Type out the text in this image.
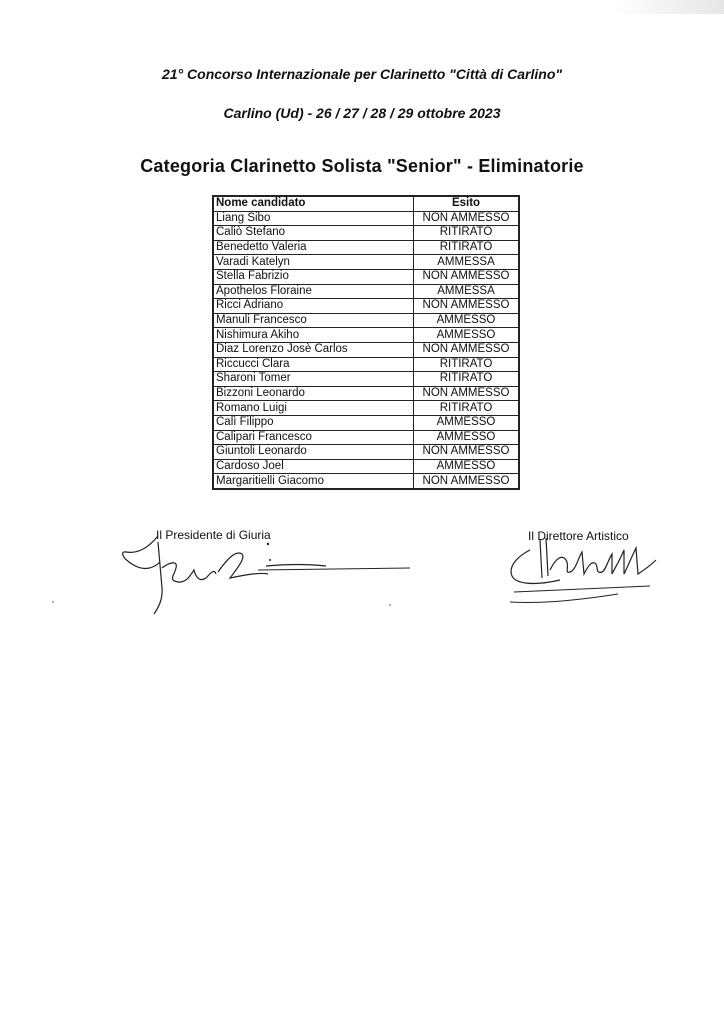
21° Concorso Internazionale per Clarinetto "Città di Carlino"
Carlino (Ud) - 26 / 27 / 28 / 29 ottobre 2023
Categoria Clarinetto Solista "Senior" - Eliminatorie
Nome candidato	Esito
Liang Sibo	NON AMMESSO
Caliò Stefano	RITIRATO
Benedetto Valeria	RITIRATO
Varadi Katelyn	AMMESSA
Stella Fabrizio	NON AMMESSO
Apothelos Floraine	AMMESSA
Ricci Adriano	NON AMMESSO
Manuli Francesco	AMMESSO
Nishimura Akiho	AMMESSO
Diaz Lorenzo Josè Carlos	NON AMMESSO
Riccucci Clara	RITIRATO
Sharoni Tomer	RITIRATO
Bizzoni Leonardo	NON AMMESSO
Romano Luigi	RITIRATO
Calì Filippo	AMMESSO
Calipari Francesco	AMMESSO
Giuntoli Leonardo	NON AMMESSO
Cardoso Joel	AMMESSO
Margaritielli Giacomo	NON AMMESSO
Il Presidente di Giuria	Il Direttore Artistico
